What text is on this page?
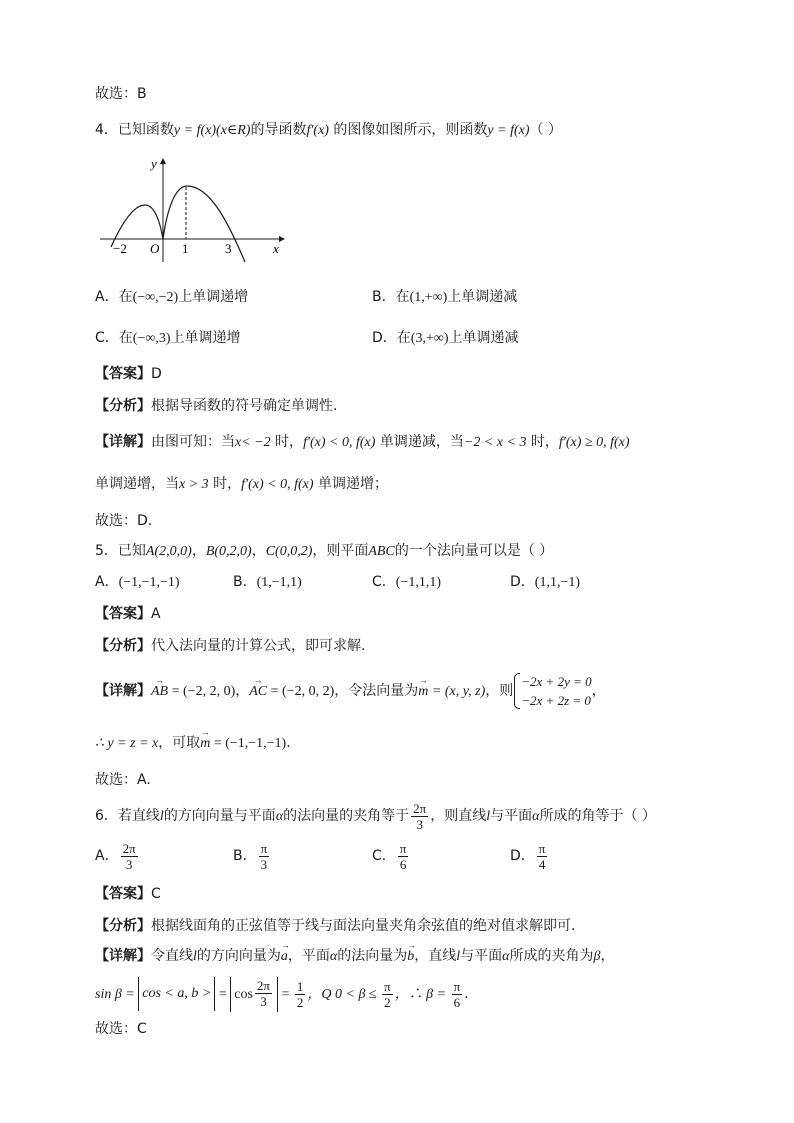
故选：B
4．已知函数y = f(x)(x∈R)的导函数f′(x) 的图像如图所示，则函数y = f(x)（ ）
y
x
O
−2	1	3
A．在(−∞,−2)上单调递增	B．在(1,+∞)上单调递减
C．在(−∞,3)上单调递增	D．在(3,+∞)上单调递减
【答案】D
【分析】根据导函数的符号确定单调性.
【详解】由图可知：当x< −2 时，f′(x) < 0, f(x) 单调递减，当−2 < x < 3 时，f′(x) ≥ 0, f(x)
单调递增，当x > 3 时，f′(x) < 0, f(x) 单调递增；
故选：D.
5．已知A(2,0,0)，B(0,2,0)，C(0,0,2)，则平面ABC的一个法向量可以是（ ）
A．(−1,−1,−1)	B．(1,−1,1)	C．(−1,1,1)	D．(1,1,−1)
【答案】A
【分析】代入法向量的计算公式，即可求解.
【详解】→ AB = (−2, 2, 0)，→ AC = (−2, 0, 2)，令法向量为→ m = (x, y, z)，则
−2x + 2y = 0
−2x + 2z = 0
，
∴ y = z = x，可取→ m = (−1,−1,−1).
故选：A.
6．若直线l的方向向量与平面α的法向量的夹角等于 $\frac{2\pi}{3}$ ，则直线l与平面α所成的角等于（ ）
A． $\frac{2\pi}{3}$	B． $\frac{\pi}{3}$	C． $\frac{\pi}{6}$	D． $\frac{\pi}{4}$
【答案】C
【分析】根据线面角的正弦值等于线与面法向量夹角余弦值的绝对值求解即可.
【详解】令直线l的方向向量为→ a，平面α的法向量为→ b，直线l与平面α所成的夹角为β，
sin β = cos < a, b > = $\cos \frac{2\pi}{3} = \frac{1}{2}$ ，Q $0 < \beta \le \frac{\pi}{2}$ ，∴ $\beta = \frac{\pi}{6}$ .
故选：C
